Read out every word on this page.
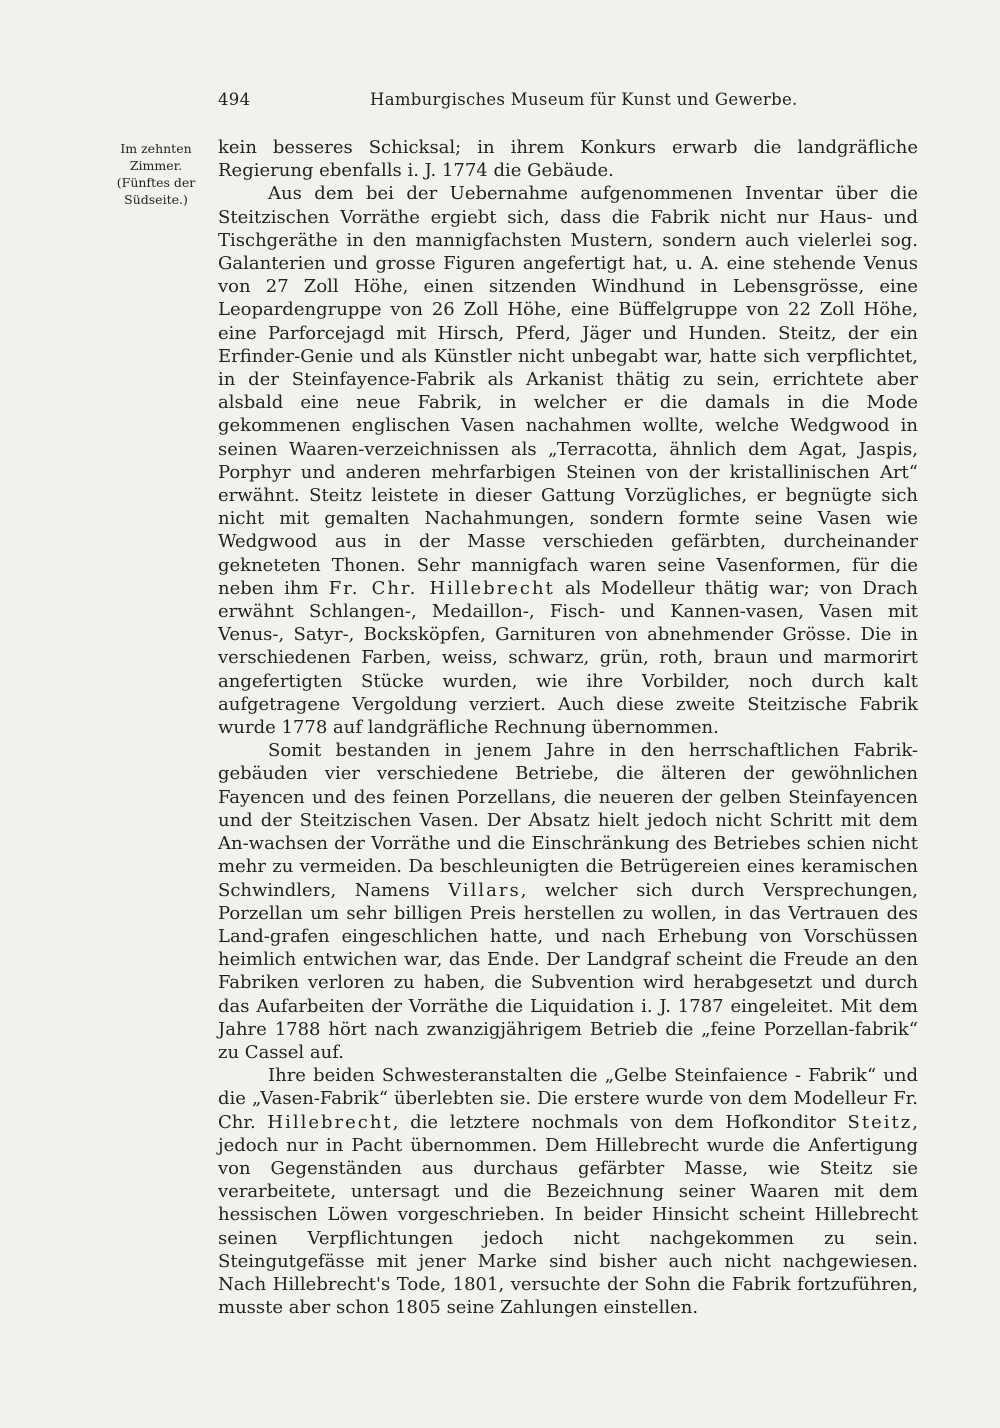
494	Hamburgisches Museum für Kunst und Gewerbe.
Im zehnten
Zimmer.
(Fünftes der
Südseite.)

kein besseres Schicksal; in ihrem Konkurs erwarb die landgräfliche Regierung ebenfalls i. J. 1774 die Gebäude.

Aus dem bei der Uebernahme aufgenommenen Inventar über die Steitzischen Vorräthe ergiebt sich, dass die Fabrik nicht nur Haus- und Tischgeräthe in den mannigfachsten Mustern, sondern auch vielerlei sog. Galanterien und grosse Figuren angefertigt hat, u. A. eine stehende Venus von 27 Zoll Höhe, einen sitzenden Windhund in Lebensgrösse, eine Leopardengruppe von 26 Zoll Höhe, eine Büffelgruppe von 22 Zoll Höhe, eine Parforcejagd mit Hirsch, Pferd, Jäger und Hunden. Steitz, der ein Erfinder-Genie und als Künstler nicht unbegabt war, hatte sich verpflichtet, in der Steinfayence-Fabrik als Arkanist thätig zu sein, errichtete aber alsbald eine neue Fabrik, in welcher er die damals in die Mode gekommenen englischen Vasen nachahmen wollte, welche Wedgwood in seinen Waaren-verzeichnissen als „Terracotta, ähnlich dem Agat, Jaspis, Porphyr und anderen mehrfarbigen Steinen von der kristallinischen Art“ erwähnt. Steitz leistete in dieser Gattung Vorzügliches, er begnügte sich nicht mit gemalten Nachahmungen, sondern formte seine Vasen wie Wedgwood aus in der Masse verschieden gefärbten, durcheinander gekneteten Thonen. Sehr mannigfach waren seine Vasenformen, für die neben ihm Fr. Chr. Hillebrecht als Modelleur thätig war; von Drach erwähnt Schlangen-, Medaillon-, Fisch- und Kannen-vasen, Vasen mit Venus-, Satyr-, Bocksköpfen, Garnituren von abnehmender Grösse. Die in verschiedenen Farben, weiss, schwarz, grün, roth, braun und marmorirt angefertigten Stücke wurden, wie ihre Vorbilder, noch durch kalt aufgetragene Vergoldung verziert. Auch diese zweite Steitzische Fabrik wurde 1778 auf landgräfliche Rechnung übernommen.

Somit bestanden in jenem Jahre in den herrschaftlichen Fabrik-gebäuden vier verschiedene Betriebe, die älteren der gewöhnlichen Fayencen und des feinen Porzellans, die neueren der gelben Steinfayencen und der Steitzischen Vasen. Der Absatz hielt jedoch nicht Schritt mit dem An-wachsen der Vorräthe und die Einschränkung des Betriebes schien nicht mehr zu vermeiden. Da beschleunigten die Betrügereien eines keramischen Schwindlers, Namens Villars, welcher sich durch Versprechungen, Porzellan um sehr billigen Preis herstellen zu wollen, in das Vertrauen des Land-grafen eingeschlichen hatte, und nach Erhebung von Vorschüssen heimlich entwichen war, das Ende. Der Landgraf scheint die Freude an den Fabriken verloren zu haben, die Subvention wird herabgesetzt und durch das Aufarbeiten der Vorräthe die Liquidation i. J. 1787 eingeleitet. Mit dem Jahre 1788 hört nach zwanzigjährigem Betrieb die „feine Porzellan-fabrik“ zu Cassel auf.

Ihre beiden Schwesteranstalten die „Gelbe Steinfaience - Fabrik“ und die „Vasen-Fabrik“ überlebten sie. Die erstere wurde von dem Modelleur Fr. Chr. Hillebrecht, die letztere nochmals von dem Hofkonditor Steitz, jedoch nur in Pacht übernommen. Dem Hillebrecht wurde die Anfertigung von Gegenständen aus durchaus gefärbter Masse, wie Steitz sie verarbeitete, untersagt und die Bezeichnung seiner Waaren mit dem hessischen Löwen vorgeschrieben. In beider Hinsicht scheint Hillebrecht seinen Verpflichtungen jedoch nicht nachgekommen zu sein. Steingutgefässe mit jener Marke sind bisher auch nicht nachgewiesen. Nach Hillebrecht's Tode, 1801, versuchte der Sohn die Fabrik fortzuführen, musste aber schon 1805 seine Zahlungen einstellen.
